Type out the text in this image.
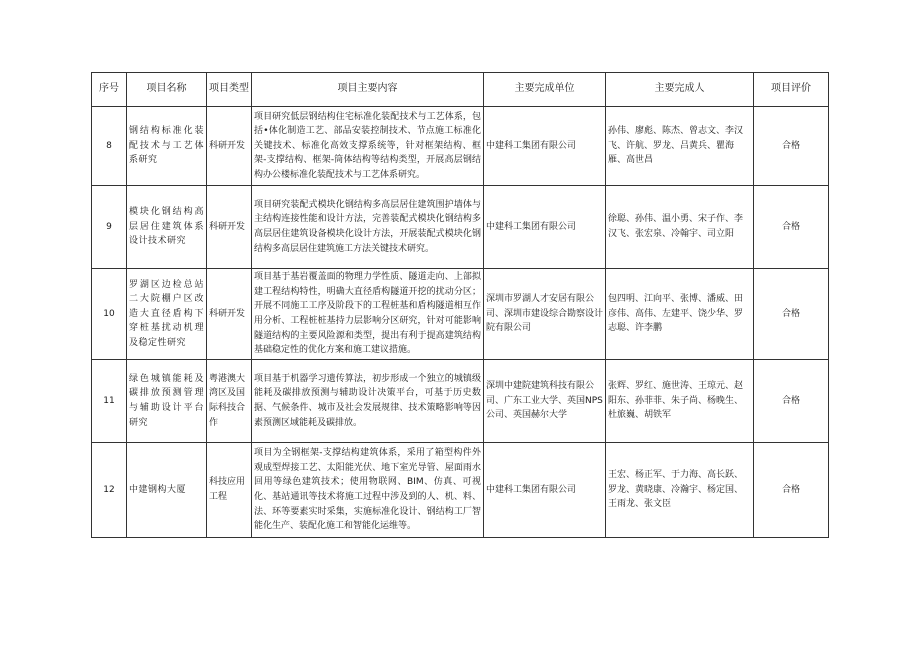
序号	项目名称	项目类型	项目主要内容	主要完成单位	主要完成人	项目评价
8	钢结构标准化装配技术与工艺体系研究	科研开发	项目研究低层钢结构住宅标准化装配技术与工艺体系，包括•体化制造工艺、部品安装控制技术、节点施工标准化关键技术、标准化高效支撑系统等，针对框架结构、框架-支撑结构、框架-筒体结构等结构类型，开展高层钢结构办公楼标准化装配技术与工艺体系研究。	中建科工集团有限公司	孙伟、廖彪、陈杰、曾志文、李汉飞、许航、罗龙、吕黄兵、瞿海雁、高世昌	合格
9	模块化钢结构高层居住建筑体系设计技术研究	科研开发	项目研究装配式模块化钢结构多高层居住建筑围护墙体与主结构连接性能和设计方法，完善装配式模块化钢结构多高层居住建筑设备模块化设计方法，开展装配式模块化钢结构多高层居住建筑施工方法关键技术研究。	中建科工集团有限公司	徐聪、孙伟、温小勇、宋子作、李汉飞、张宏泉、冷翰宇、司立阳	合格
10	罗湖区边检总站二大院棚户区改造大直径盾构下穿桩基扰动机理及稳定性研究	科研开发	项目基于基岩覆盖面的物理力学性质、隧道走向、上部拟建工程结构特性，明确大直径盾构隧道开挖的扰动分区；开展不同施工工序及阶段下的工程桩基和盾构隧道相互作用分析、工程桩桩基持力层影响分区研究，针对可能影响隧道结构的主要风险源和类型，提出有利于提高建筑结构基础稳定性的优化方案和施工建议措施。	深圳市罗湖人才安居有限公司、深圳市建设综合勘察设计院有限公司	包四明、江向平、张博、潘威、田彦伟、高伟、左建平、饶少华、罗志聪、许李鹏	合格
11	绿色城镇能耗及碳排放预测管理与辅助设计平台研究	粤港澳大湾区及国际科技合作	项目基于机器学习遗传算法，初步形成一个独立的城镇级能耗及碳排放预测与辅助设计决策平台，可基于历史数据、气候条件、城市及社会发展规律、技术策略影响等因素预测区域能耗及碳排放。	深圳中建院建筑科技有限公司、广东工业大学、英国NPS公司、英国赫尔大学	张辉、罗红、施世涛、王琼元、赵阳东、孙菲菲、朱子尚、杨晚生、杜旅巍、胡铁军	合格
12	中建钢构大厦	科技应用工程	项目为全钢框架-支撑结构建筑体系，采用了箱型构件外观成型焊接工艺、太阳能光伏、地下室光导管、屋面雨水回用等绿色建筑技术；使用物联网、BIM、仿真、可视化、基站通讯等技术将施工过程中涉及到的人、机、料、法、环等要素实时采集，实施标准化设计、钢结构工厂智能化生产、装配化施工和智能化运维等。	中建科工集团有限公司	王宏、杨正军、于力海、高长跃、罗龙、黄晓康、冷瀚宇、杨定国、王雨龙、张文臣	合格
